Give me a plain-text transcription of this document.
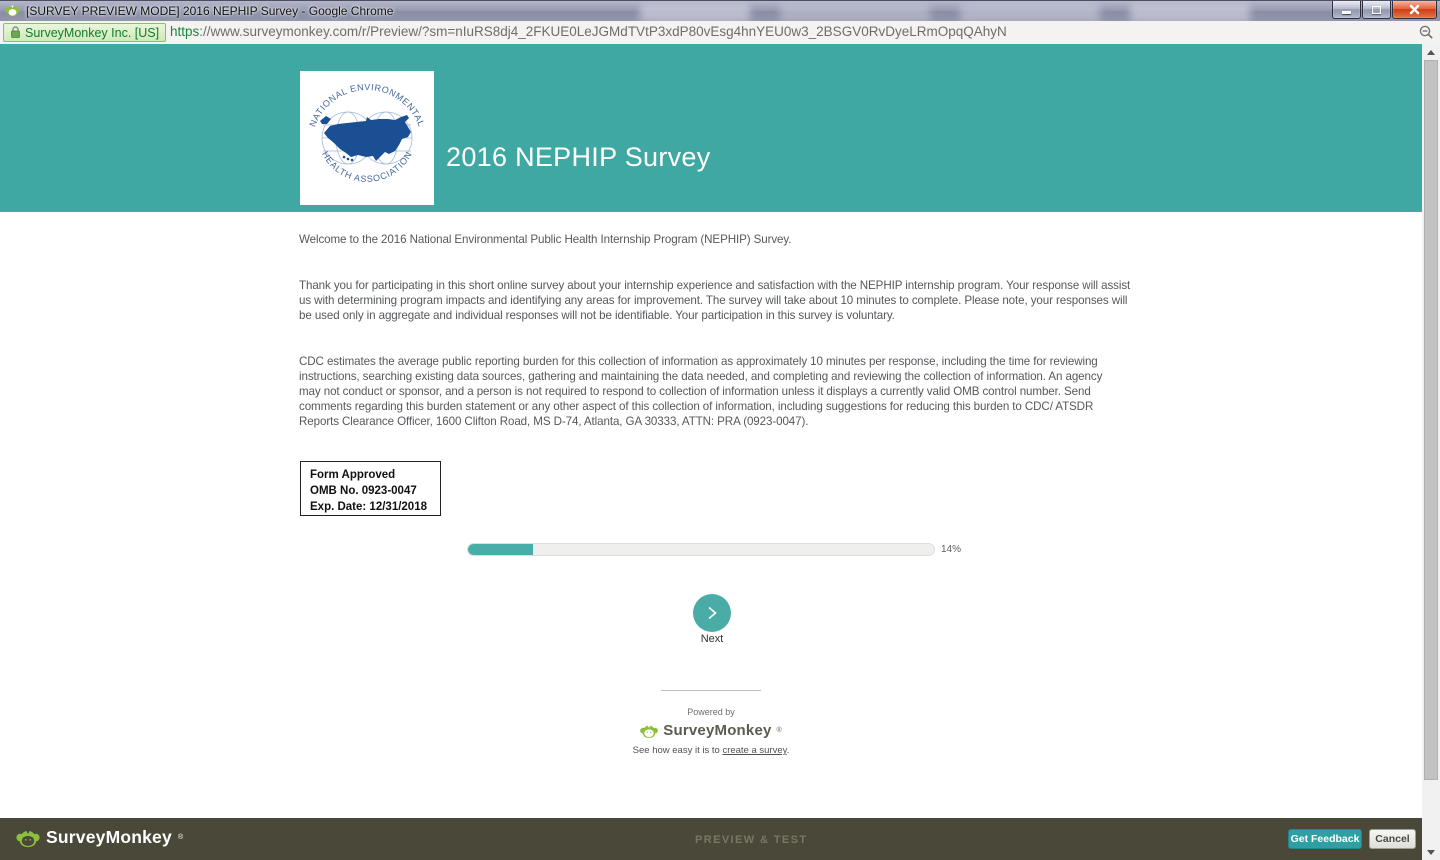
[SURVEY PREVIEW MODE] 2016 NEPHIP Survey - Google Chrome
SurveyMonkey Inc. [US] https://www.surveymonkey.com/r/Preview/?sm=nIuRS8dj4_2FKUE0LeJGMdTVtP3xdP80vEsg4hnYEU0w3_2BSGV0RvDyeLRmOpqQAhyN
NATIONAL ENVIRONMENTAL
HEALTH ASSOCIATION 2016 NEPHIP Survey

Welcome to the 2016 National Environmental Public Health Internship Program (NEPHIP) Survey.

Thank you for participating in this short online survey about your internship experience and satisfaction with the NEPHIP internship program. Your response will assist us with determining program impacts and identifying any areas for improvement. The survey will take about 10 minutes to complete. Please note, your responses will be used only in aggregate and individual responses will not be identifiable. Your participation in this survey is voluntary.

CDC estimates the average public reporting burden for this collection of information as approximately 10 minutes per response, including the time for reviewing instructions, searching existing data sources, gathering and maintaining the data needed, and completing and reviewing the collection of information. An agency may not conduct or sponsor, and a person is not required to respond to collection of information unless it displays a currently valid OMB control number. Send comments regarding this burden statement or any other aspect of this collection of information, including suggestions for reducing this burden to CDC/ ATSDR Reports Clearance Officer, 1600 Clifton Road, MS D-74, Atlanta, GA 30333, ATTN: PRA (0923-0047).

Form Approved
OMB No. 0923-0047
Exp. Date: 12/31/2018
14%
Next
Powered by
SurveyMonkey ®
See how easy it is to create a survey.
SurveyMonkey ®	PREVIEW & TEST	Get Feedback	Cancel
